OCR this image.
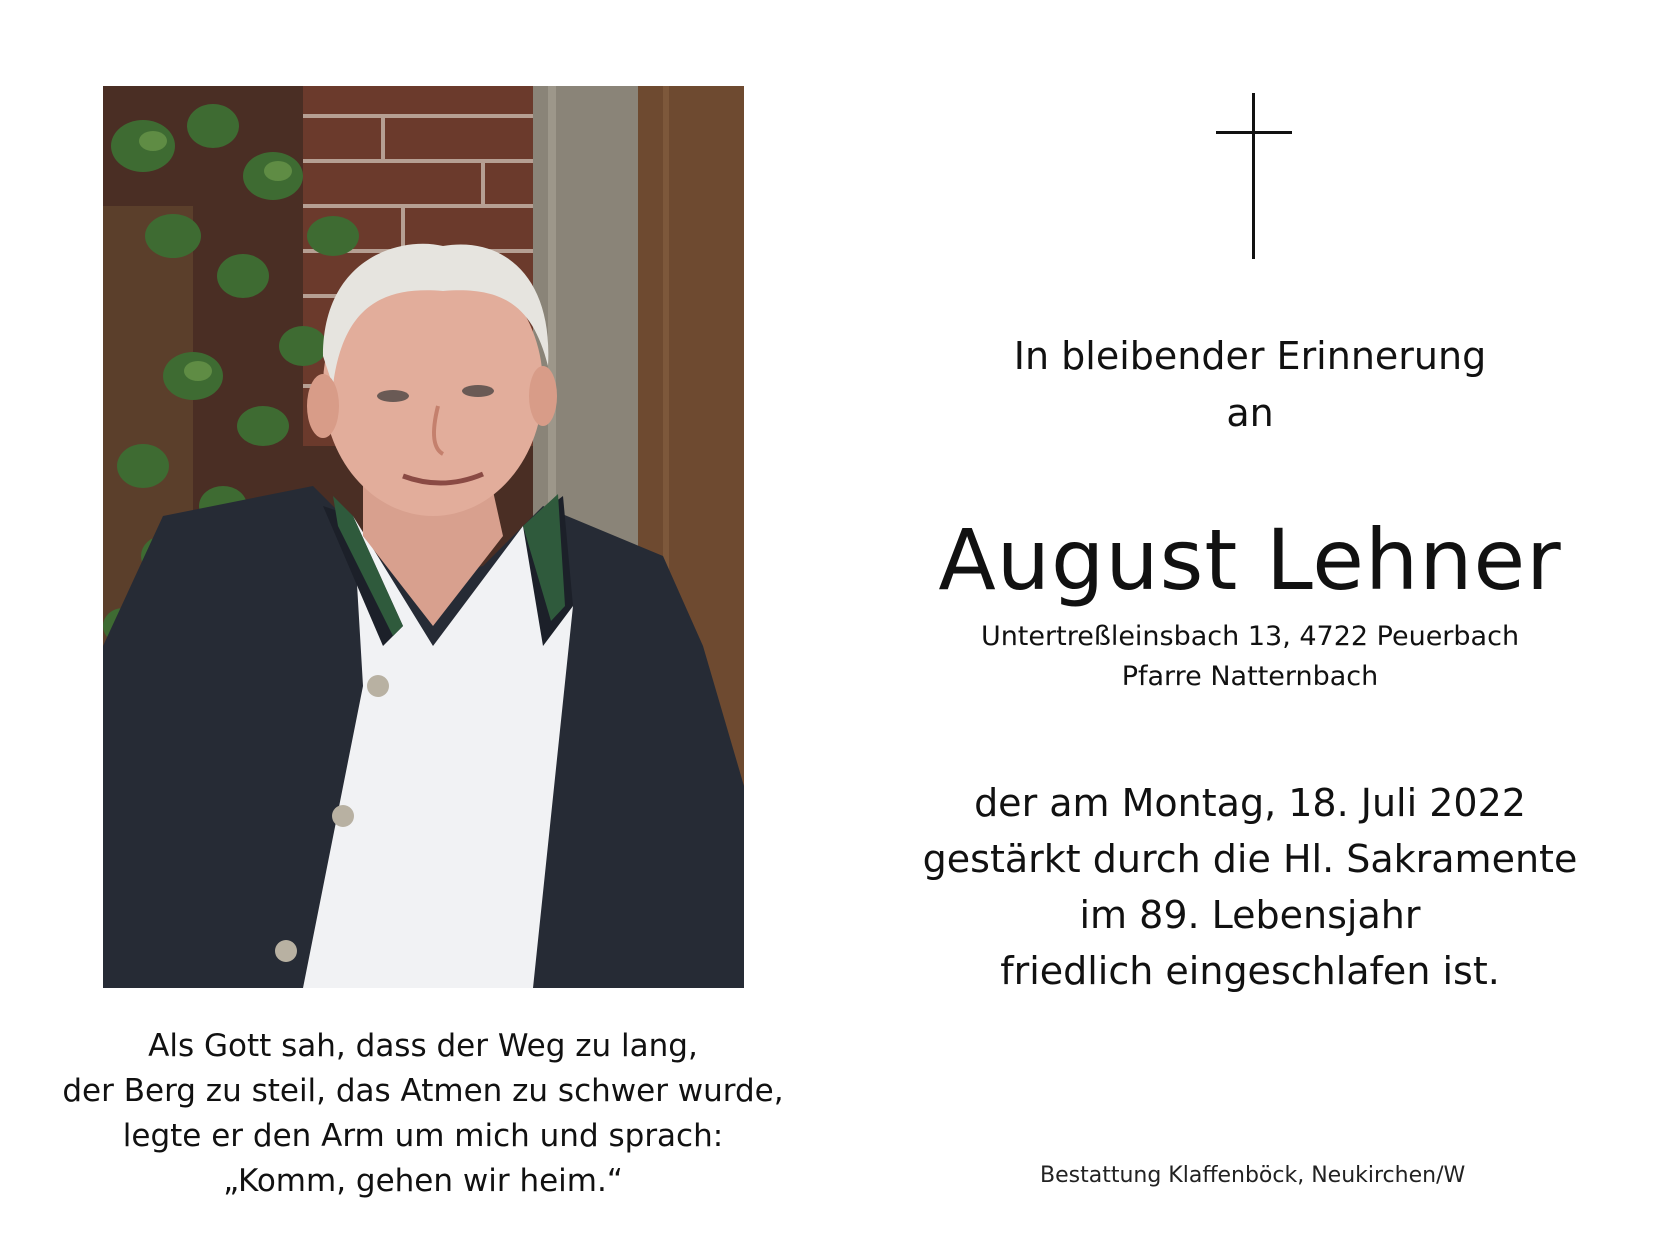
Als Gott sah, dass der Weg zu lang,
der Berg zu steil, das Atmen zu schwer wurde,
legte er den Arm um mich und sprach:
„Komm, gehen wir heim.“
In bleibender Erinnerung
an
August Lehner
Untertreßleinsbach 13, 4722 Peuerbach
Pfarre Natternbach
der am Montag, 18. Juli 2022
gestärkt durch die Hl. Sakramente
im 89. Lebensjahr
friedlich eingeschlafen ist.
Bestattung Klaffenböck, Neukirchen/W
